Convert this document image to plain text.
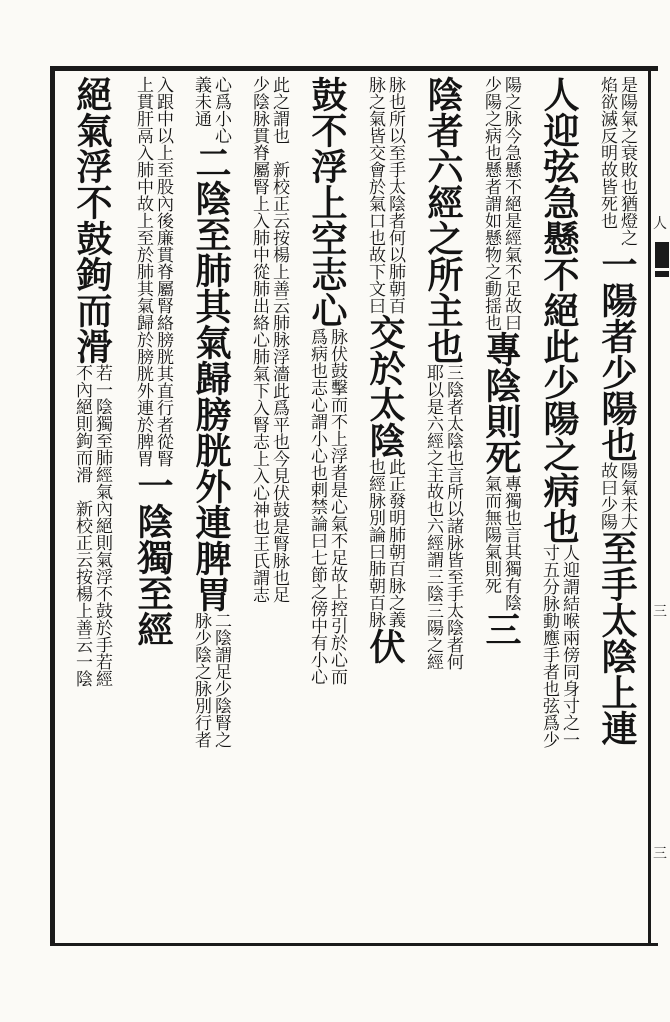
人
三
三
是陽氣之衰敗也猶燈之
焰欲滅反明故皆死也
一陽者少陽也
陽氣未大
故曰少陽
至手太陰上連
人迎弦急懸不絕此少陽之病也
人迎謂結喉兩傍同身寸之一
寸五分脉動應手者也弦爲少
陽之脉今急懸不絕是經氣不足故曰
少陽之病也懸者謂如懸物之動揺也
專陰則死
專獨也言其獨有陰
氣而無陽氣則死
三
陰者六經之所主也
三陰者太陰也言所以諸脉皆至手太陰者何
耶以是六經之主故也六經謂三陰三陽之經
脉也所以至手太陰者何以肺朝百
脉之氣皆交會於氣口也故下文曰
交於太陰
此正發明肺朝百脉之義
也經脉別論曰肺朝百脉
伏
鼓不浮上空志心
脉伏鼓擊而不上浮者是心氣不足故上控引於心而
爲病也志心謂小心也剌禁論曰七節之傍中有小心
此之謂也　新校正云按楊上善云肺脉浮濇此爲平也今見伏鼓是腎脉也足
少陰脉貫脊屬腎上入肺中從肺出絡心肺氣下入腎志上入心神也王氏謂志
心爲小心
義未通
二陰至肺其氣歸膀胱外連脾胃
二陰謂足少陰腎之
脉少陰之脉別行者
入跟中以上至股內後廉貫脊屬腎絡膀胱其直行者從腎
上貫肝鬲入肺中故上至於肺其氣歸於膀胱外連於脾胃
一陰獨至經
絕氣浮不鼓鉤而滑
若一陰獨至肺經氣內絕則氣浮不鼓於手若經
不內絕則鉤而滑　新校正云按楊上善云一陰
